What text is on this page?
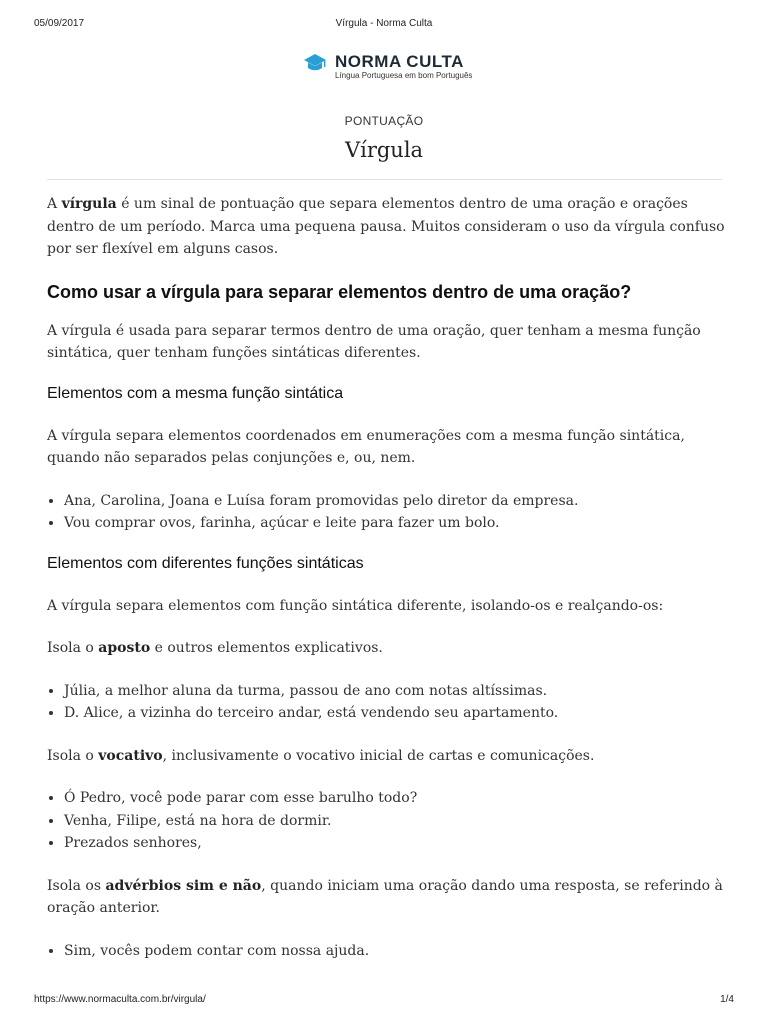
05/09/2017	Vírgula - Norma Culta
NORMA CULTA
Língua Portuguesa em bom Português
PONTUAÇÃO
Vírgula

A vírgula é um sinal de pontuação que separa elementos dentro de uma oração e orações dentro de um período. Marca uma pequena pausa. Muitos consideram o uso da vírgula confuso por ser flexível em alguns casos.

Como usar a vírgula para separar elementos dentro de uma oração?

A vírgula é usada para separar termos dentro de uma oração, quer tenham a mesma função sintática, quer tenham funções sintáticas diferentes.

Elementos com a mesma função sintática

A vírgula separa elementos coordenados em enumerações com a mesma função sintática, quando não separados pelas conjunções e, ou, nem.

• Ana, Carolina, Joana e Luísa foram promovidas pelo diretor da empresa.
• Vou comprar ovos, farinha, açúcar e leite para fazer um bolo.
Elementos com diferentes funções sintáticas

A vírgula separa elementos com função sintática diferente, isolando-os e realçando-os:

Isola o aposto e outros elementos explicativos.

• Júlia, a melhor aluna da turma, passou de ano com notas altíssimas.
• D. Alice, a vizinha do terceiro andar, está vendendo seu apartamento.

Isola o vocativo, inclusivamente o vocativo inicial de cartas e comunicações.

• Ó Pedro, você pode parar com esse barulho todo?
• Venha, Filipe, está na hora de dormir.
• Prezados senhores,

Isola os advérbios sim e não, quando iniciam uma oração dando uma resposta, se referindo à oração anterior.

• Sim, vocês podem contar com nossa ajuda.
https://www.normaculta.com.br/virgula/	1/4
